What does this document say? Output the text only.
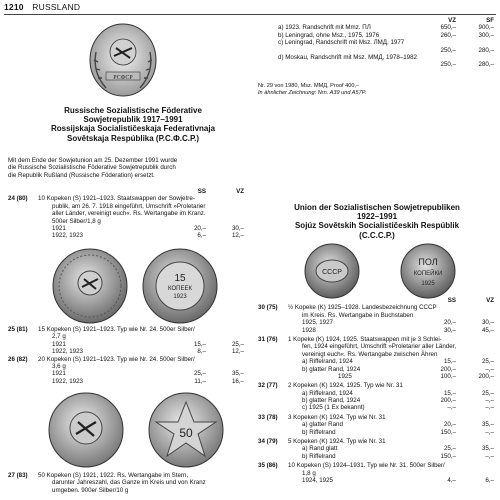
1210 RUSSLAND
РСФСР
VZ	SF
a) 1923. Randschrift mit Mmz. ПЛ	650,–	900,–
b) Leningrad, ohne Msz., 1975, 1976	260,–	300,–
c) Leningrad, Randschrift mit Msz. ЛМД, 1977
250,–	280,–
d) Moskau, Randschrift mit Msz. ММД, 1978–1982
250,–	280,–
Nr. 29 von 1980, Msz. ММД, Proof 400,–
In ähnlicher Zeichnung: Nrn. A39 und A57P.
Russische Sozialistische Föderative
Sowjetrepublik 1917–1991
Rossijskaja Socialističeskaja Federativnaja
Sovětskaja Respúblika (Р.С.Ф.С.Р.)
Mit dem Ende der Sowjetunion am 25. Dezember 1991 wurde
die Russische Sozialistische Föderative Sowjetrepublik durch
die Republik Rußland (Russische Föderation) ersetzt.
SS	VZ
24 (80) 10 Kopeken (S) 1921–1923. Staatswappen der Sowjetre-
publik, am 26. 7. 1918 eingeführt, Umschrift »Proletarier
aller Länder, vereinigt euch«. Rs. Wertangabe im Kranz.
500er Silber/1,8 g
1921	20,–	30,–
1922, 1923	6,–	12,–
15
КОПЕЕК
1923
25 (81) 15 Kopeken (S) 1921–1923. Typ wie Nr. 24. 500er Silber/
2,7 g
1921	15,–	25,–
1922, 1923	8,–	12,–
26 (82) 20 Kopeken (S) 1921–1923. Typ wie Nr. 24. 500er Silber/
3,6 g
1921	25,–	35,–
1922, 1923	11,–	16,–
50
27 (83) 50 Kopeken (S) 1921, 1922. Rs. Wertangabe im Stern,
darunter Jahreszahl, das Ganze im Kreis und von Kranz
umgeben. 900er Silber/10 g
Union der Sozialistischen Sowjetrepubliken
1922–1991
Sojúz Sovětskih Socialističeskih Respúblik
(С.С.С.Р.)
СССР
ПОЛ
КОПЕЙКИ
1925
SS	VZ
30 (75) ½ Kopeke (K) 1925–1928. Landesbezeichnung СССР
im Kreis. Rs. Wertangabe in Buchstaben
1925, 1927	20,–	30,–
1928	30,–	45,–
31 (76) 1 Kopeke (K) 1924, 1925. Staatswappen mit je 3 Schlei-
fen, 1924 eingeführt, Umschrift »Proletarier aller Länder,
vereinigt euch«. Rs. Wertangabe zwischen Ähren
a) Riffelrand, 1924	15,–	25,–
b) glatter Rand, 1924	200,–	–,–
1925	100,–	200,–
32 (77) 2 Kopeken (K) 1924, 1925. Typ wie Nr. 31
a) Riffelrand, 1924	15,–	25,–
b) glatter Rand, 1924	200,–	–,–
c) 1925 (1 Ex bekannt)	–,–	–,–
33 (78) 3 Kopeken (K) 1924. Typ wie Nr. 31
a) glatter Rand	20,–	35,–
b) Riffelrand	150,–	–,–
34 (79) 5 Kopeken (K) 1924. Typ wie Nr. 31
a) Rand glatt	25,–	35,–
b) Riffelrand	150,–	–,–
35 (86) 10 Kopeken (S) 1924–1931. Typ wie Nr. 31. 500er Silber/
1,8 g
1924, 1925	4,–	6,–
